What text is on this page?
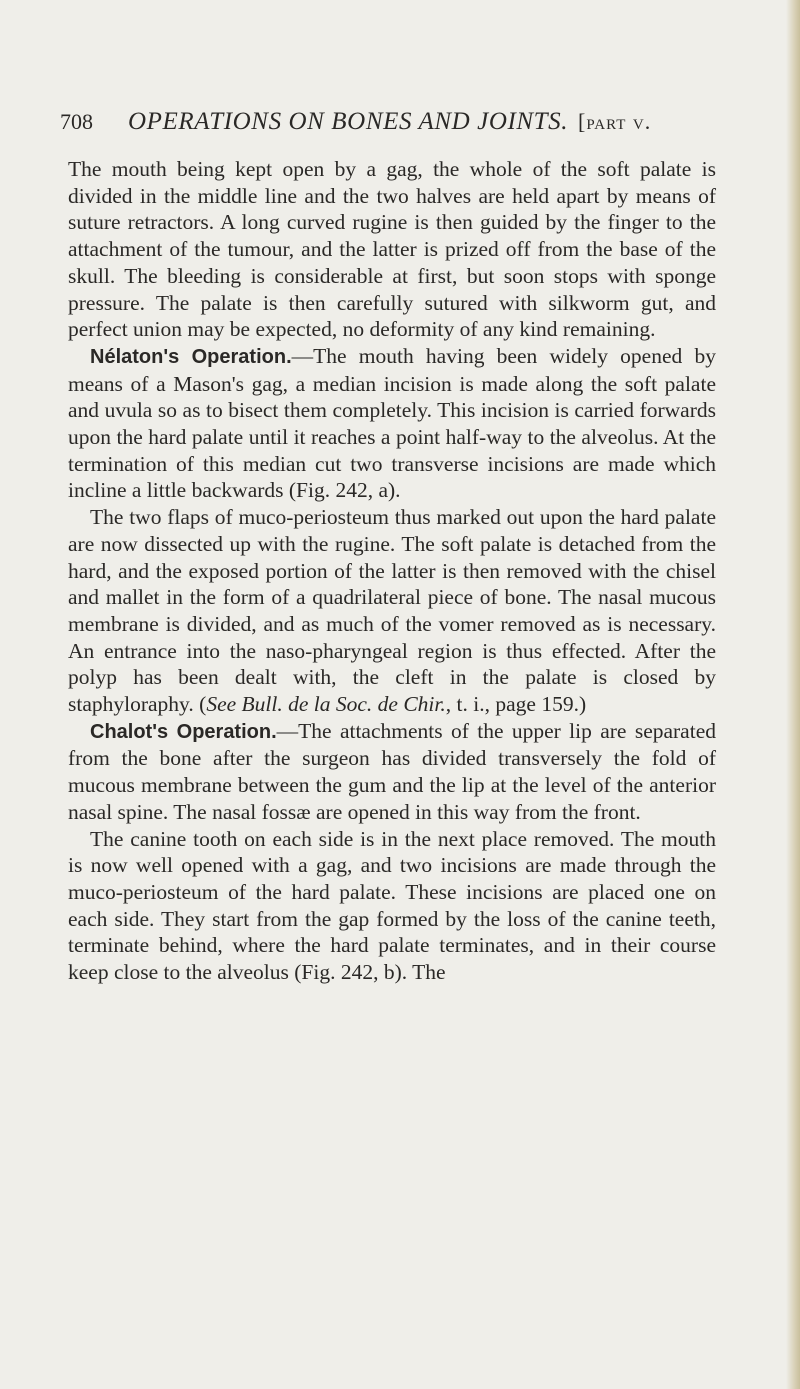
708 OPERATIONS ON BONES AND JOINTS. [part v.

The mouth being kept open by a gag, the whole of the soft palate is divided in the middle line and the two halves are held apart by means of suture retractors. A long curved rugine is then guided by the finger to the attachment of the tumour, and the latter is prized off from the base of the skull. The bleeding is considerable at first, but soon stops with sponge pressure. The palate is then carefully sutured with silkworm gut, and perfect union may be expected, no deformity of any kind remaining.

Nélaton's Operation.—The mouth having been widely opened by means of a Mason's gag, a median incision is made along the soft palate and uvula so as to bisect them completely. This incision is carried forwards upon the hard palate until it reaches a point half-way to the alveolus. At the termination of this median cut two transverse incisions are made which incline a little backwards (Fig. 242, a).

The two flaps of muco-periosteum thus marked out upon the hard palate are now dissected up with the rugine. The soft palate is detached from the hard, and the exposed portion of the latter is then removed with the chisel and mallet in the form of a quadrilateral piece of bone. The nasal mucous membrane is divided, and as much of the vomer removed as is necessary. An entrance into the naso-pharyngeal region is thus effected. After the polyp has been dealt with, the cleft in the palate is closed by staphyloraphy. (See Bull. de la Soc. de Chir., t. i., page 159.)

Chalot's Operation.—The attachments of the upper lip are separated from the bone after the surgeon has divided transversely the fold of mucous membrane between the gum and the lip at the level of the anterior nasal spine. The nasal fossæ are opened in this way from the front.

The canine tooth on each side is in the next place removed. The mouth is now well opened with a gag, and two incisions are made through the muco-periosteum of the hard palate. These incisions are placed one on each side. They start from the gap formed by the loss of the canine teeth, terminate behind, where the hard palate terminates, and in their course keep close to the alveolus (Fig. 242, b). The
